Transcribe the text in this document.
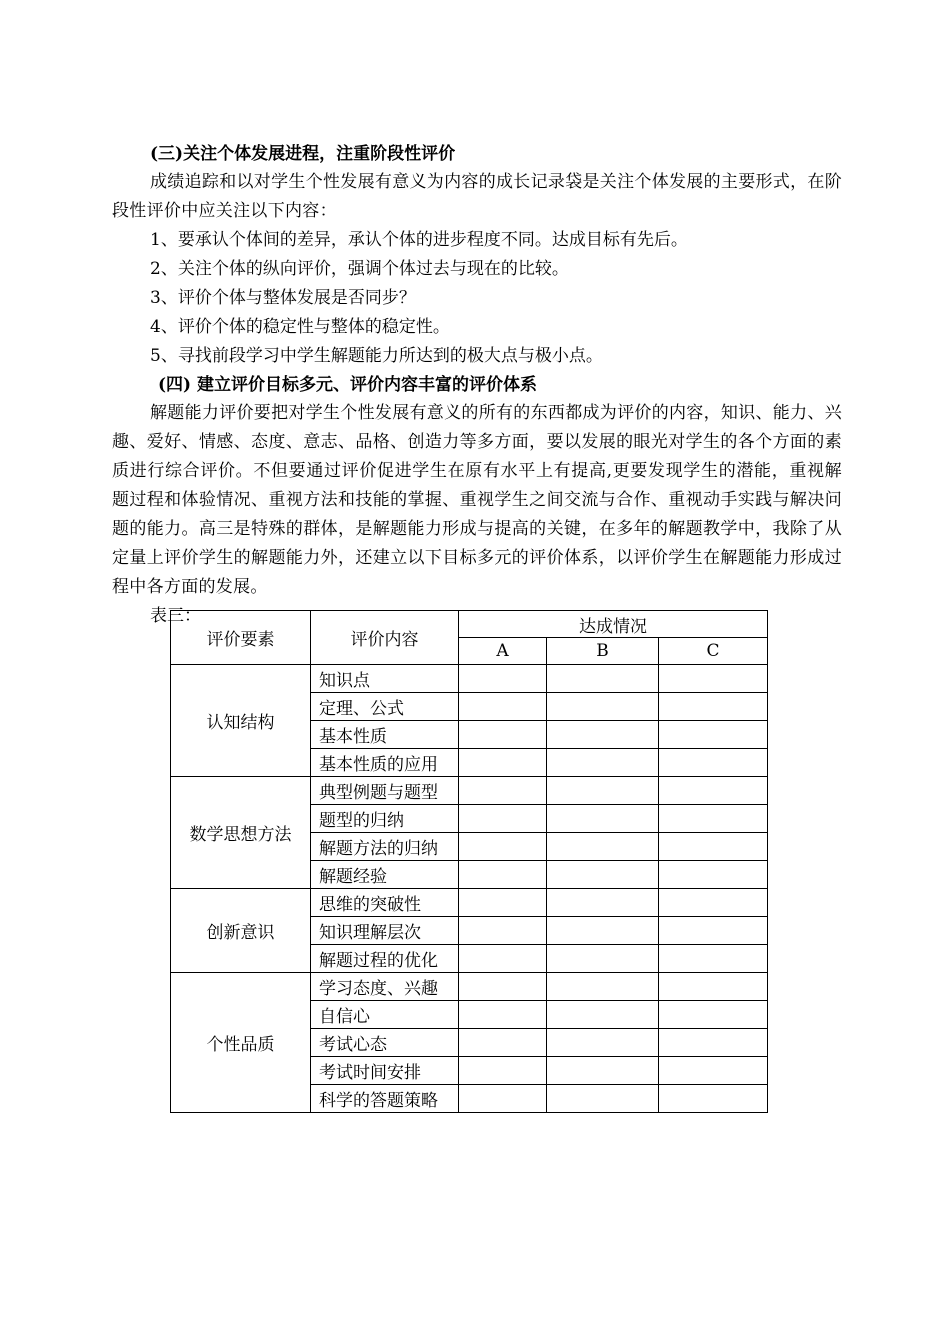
(三)关注个体发展进程，注重阶段性评价
成绩追踪和以对学生个性发展有意义为内容的成长记录袋是关注个体发展的主要形式，在阶段性评价中应关注以下内容：
1、要承认个体间的差异，承认个体的进步程度不同。达成目标有先后。
2、关注个体的纵向评价，强调个体过去与现在的比较。
3、评价个体与整体发展是否同步？
4、评价个体的稳定性与整体的稳定性。
5、寻找前段学习中学生解题能力所达到的极大点与极小点。
(四) 建立评价目标多元、评价内容丰富的评价体系
解题能力评价要把对学生个性发展有意义的所有的东西都成为评价的内容，知识、能力、兴趣、爱好、情感、态度、意志、品格、创造力等多方面，要以发展的眼光对学生的各个方面的素质进行综合评价。不但要通过评价促进学生在原有水平上有提高,更要发现学生的潜能，重视解题过程和体验情况、重视方法和技能的掌握、重视学生之间交流与合作、重视动手实践与解决问题的能力。高三是特殊的群体，是解题能力形成与提高的关键，在多年的解题教学中，我除了从定量上评价学生的解题能力外，还建立以下目标多元的评价体系，以评价学生在解题能力形成过程中各方面的发展。
表三：
评价要素	评价内容	达成情况		
		A	B	C
认知结构	知识点			
	定理、公式			
	基本性质			
	基本性质的应用			
数学思想方法	典型例题与题型			
	题型的归纳			
	解题方法的归纳			
	解题经验			
创新意识	思维的突破性			
	知识理解层次			
	解题过程的优化			
个性品质	学习态度、兴趣			
	自信心			
	考试心态			
	考试时间安排			
	科学的答题策略			
